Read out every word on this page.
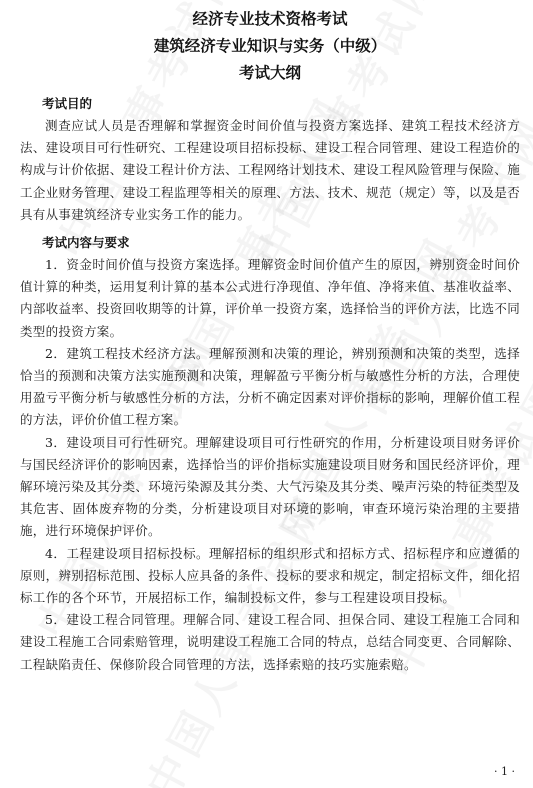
经济专业技术资格考试
建筑经济专业知识与实务（中级）
考试大纲
考试目的

测查应试人员是否理解和掌握资金时间价值与投资方案选择、建筑工程技术经济方法、建设项目可行性研究、工程建设项目招标投标、建设工程合同管理、建设工程造价的构成与计价依据、建设工程计价方法、工程网络计划技术、建设工程风险管理与保险、施工企业财务管理、建设工程监理等相关的原理、方法、技术、规范（规定）等，以及是否具有从事建筑经济专业实务工作的能力。

考试内容与要求

1．资金时间价值与投资方案选择。理解资金时间价值产生的原因，辨别资金时间价值计算的种类，运用复利计算的基本公式进行净现值、净年值、净将来值、基准收益率、内部收益率、投资回收期等的计算，评价单一投资方案，选择恰当的评价方法，比选不同类型的投资方案。

2．建筑工程技术经济方法。理解预测和决策的理论，辨别预测和决策的类型，选择恰当的预测和决策方法实施预测和决策，理解盈亏平衡分析与敏感性分析的方法，合理使用盈亏平衡分析与敏感性分析的方法，分析不确定因素对评价指标的影响，理解价值工程的方法，评价价值工程方案。

3．建设项目可行性研究。理解建设项目可行性研究的作用，分析建设项目财务评价与国民经济评价的影响因素，选择恰当的评价指标实施建设项目财务和国民经济评价，理解环境污染及其分类、环境污染源及其分类、大气污染及其分类、噪声污染的特征类型及其危害、固体废弃物的分类，分析建设项目对环境的影响，审查环境污染治理的主要措施，进行环境保护评价。

4．工程建设项目招标投标。理解招标的组织形式和招标方式、招标程序和应遵循的原则，辨别招标范围、投标人应具备的条件、投标的要求和规定，制定招标文件，细化招标工作的各个环节，开展招标工作，编制投标文件，参与工程建设项目投标。

5．建设工程合同管理。理解合同、建设工程合同、担保合同、建设工程施工合同和建设工程施工合同索赔管理，说明建设工程施工合同的特点，总结合同变更、合同解除、工程缺陷责任、保修阶段合同管理的方法，选择索赔的技巧实施索赔。

· 1 ·
